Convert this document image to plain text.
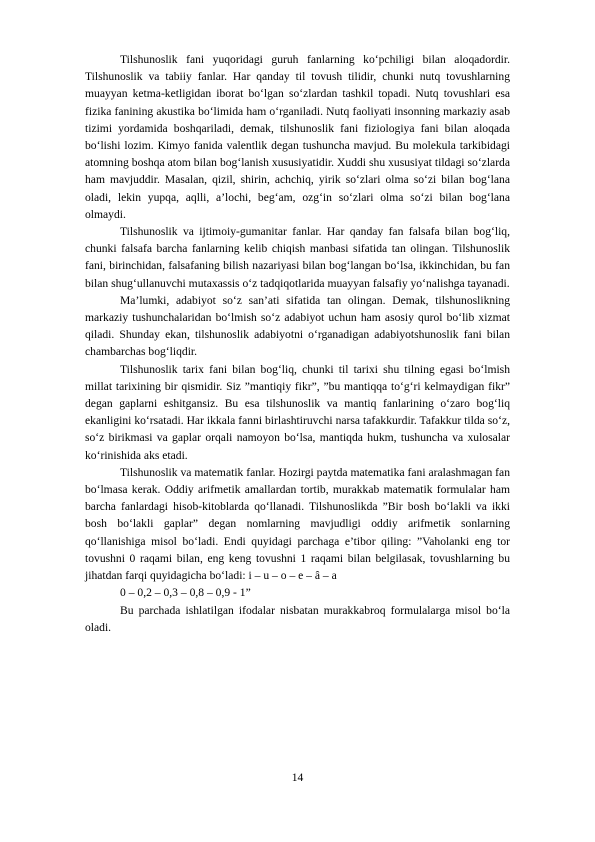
Tilshunoslik fani yuqoridagi guruh fanlarning ko‘pchiligi bilan aloqadordir. Tilshunoslik va tabiiy fanlar. Har qanday til tovush tilidir, chunki nutq tovushlarning muayyan ketma-ketligidan iborat bo‘lgan so‘zlardan tashkil topadi. Nutq tovushlari esa fizika fanining akustika bo‘limida ham o‘rganiladi. Nutq faoliyati insonning markaziy asab tizimi yordamida boshqariladi, demak, tilshunoslik fani fiziologiya fani bilan aloqada bo‘lishi lozim. Kimyo fanida valentlik degan tushuncha mavjud. Bu molekula tarkibidagi atomning boshqa atom bilan bog‘lanish xususiyatidir. Xuddi shu xususiyat tildagi so‘zlarda ham mavjuddir. Masalan, qizil, shirin, achchiq, yirik so‘zlari olma so‘zi bilan bog‘lana oladi, lekin yupqa, aqlli, a’lochi, beg‘am, ozg‘in so‘zlari olma so‘zi bilan bog‘lana olmaydi.

Tilshunoslik va ijtimoiy-gumanitar fanlar. Har qanday fan falsafa bilan bog‘liq, chunki falsafa barcha fanlarning kelib chiqish manbasi sifatida tan olingan. Tilshunoslik fani, birinchidan, falsafaning bilish nazariyasi bilan bog‘langan bo‘lsa, ikkinchidan, bu fan bilan shug‘ullanuvchi mutaxassis o‘z tadqiqotlarida muayyan falsafiy yo‘nalishga tayanadi.

Ma’lumki, adabiyot so‘z san’ati sifatida tan olingan. Demak, tilshunoslikning markaziy tushunchalaridan bo‘lmish so‘z adabiyot uchun ham asosiy qurol bo‘lib xizmat qiladi. Shunday ekan, tilshunoslik adabiyotni o‘rganadigan adabiyotshunoslik fani bilan chambarchas bog‘liqdir.

Tilshunoslik tarix fani bilan bog‘liq, chunki til tarixi shu tilning egasi bo‘lmish millat tarixining bir qismidir. Siz ”mantiqiy fikr”, ”bu mantiqqa to‘g‘ri kelmaydigan fikr” degan gaplarni eshitgansiz. Bu esa tilshunoslik va mantiq fanlarining o‘zaro bog‘liq ekanligini ko‘rsatadi. Har ikkala fanni birlashtiruvchi narsa tafakkurdir. Tafakkur tilda so‘z, so‘z birikmasi va gaplar orqali namoyon bo‘lsa, mantiqda hukm, tushuncha va xulosalar ko‘rinishida aks etadi.

Tilshunoslik va matematik fanlar. Hozirgi paytda matematika fani aralashmagan fan bo‘lmasa kerak. Oddiy arifmetik amallardan tortib, murakkab matematik formulalar ham barcha fanlardagi hisob-kitoblarda qo‘llanadi. Tilshunoslikda ”Bir bosh bo‘lakli va ikki bosh bo‘lakli gaplar” degan nomlarning mavjudligi oddiy arifmetik sonlarning qo‘llanishiga misol bo‘ladi. Endi quyidagi parchaga e’tibor qiling: ”Vaholanki eng tor tovushni 0 raqami bilan, eng keng tovushni 1 raqami bilan belgilasak, tovushlarning bu jihatdan farqi quyidagicha bo‘ladi: i – u – o – e – â – a

0 – 0,2 – 0,3 – 0,8 – 0,9 - 1”

Bu parchada ishlatilgan ifodalar nisbatan murakkabroq formulalarga misol bo‘la oladi.

14
